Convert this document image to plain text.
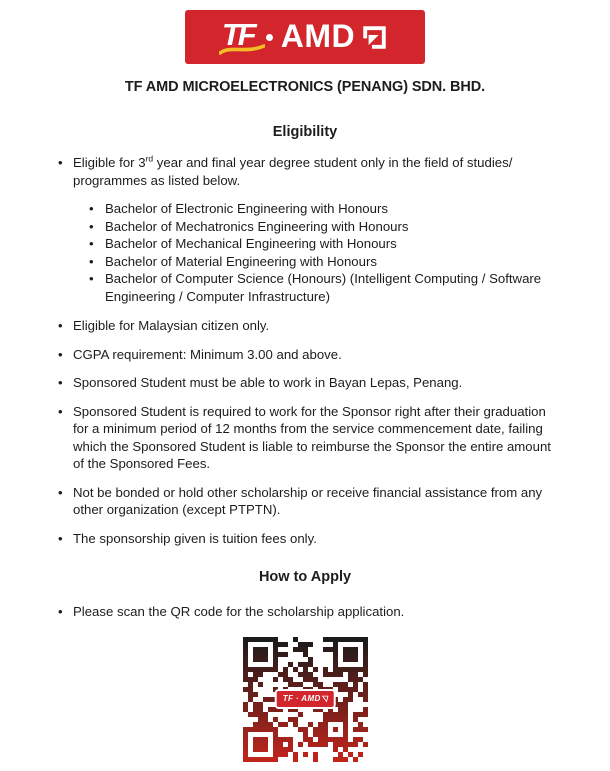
TF AMD
TF AMD MICROELECTRONICS (PENANG) SDN. BHD.
Eligibility
• Eligible for 3rd year and final year degree student only in the field of studies/ programmes as listed below.
• Bachelor of Electronic Engineering with Honours
• Bachelor of Mechatronics Engineering with Honours
• Bachelor of Mechanical Engineering with Honours
• Bachelor of Material Engineering with Honours
• Bachelor of Computer Science (Honours) (Intelligent Computing / Software Engineering / Computer Infrastructure)
• Eligible for Malaysian citizen only.
• CGPA requirement: Minimum 3.00 and above.
• Sponsored Student must be able to work in Bayan Lepas, Penang.
• Sponsored Student is required to work for the Sponsor right after their graduation for a minimum period of 12 months from the service commencement date, failing which the Sponsored Student is liable to reimburse the Sponsor the entire amount of the Sponsored Fees.
• Not be bonded or hold other scholarship or receive financial assistance from any other organization (except PTPTN).
• The sponsorship given is tuition fees only.
How to Apply
• Please scan the QR code for the scholarship application.
TF · AMD◹
